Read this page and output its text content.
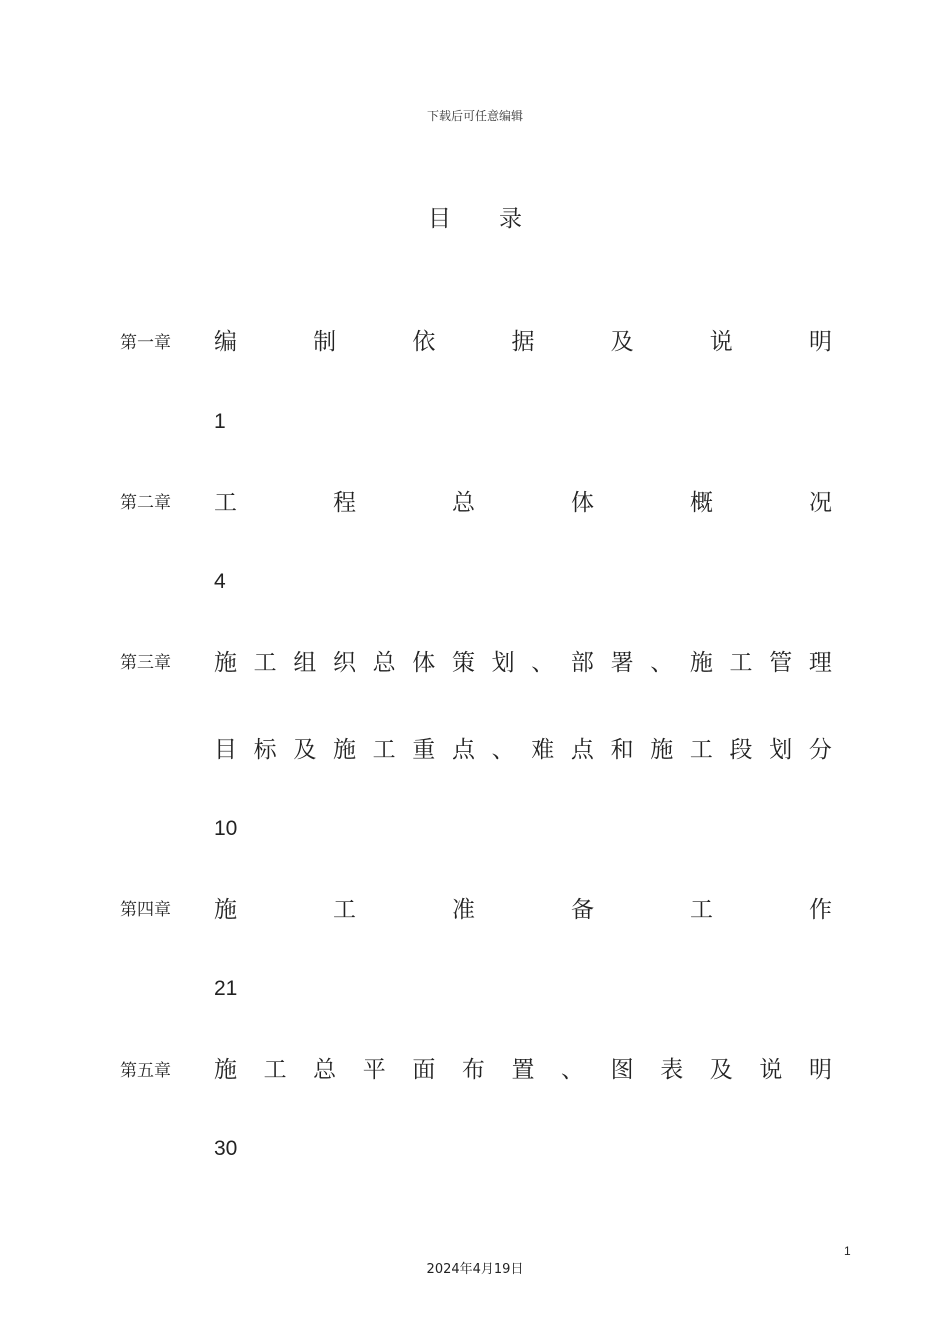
下载后可任意编辑
目 录
第一章 编	制	依	据	及	说	明
1
第二章 工	程	总	体	概	况
4
第三章 施 工 组 织 总 体 策 划 、 部 署 、 施 工 管 理
目 标 及 施 工 重 点 、 难 点 和 施 工 段 划 分
10
第四章 施	工	准	备	工	作
21
第五章 施 工 总 平 面 布 置 、 图 表 及 说 明
30
1
2024年4月19日
